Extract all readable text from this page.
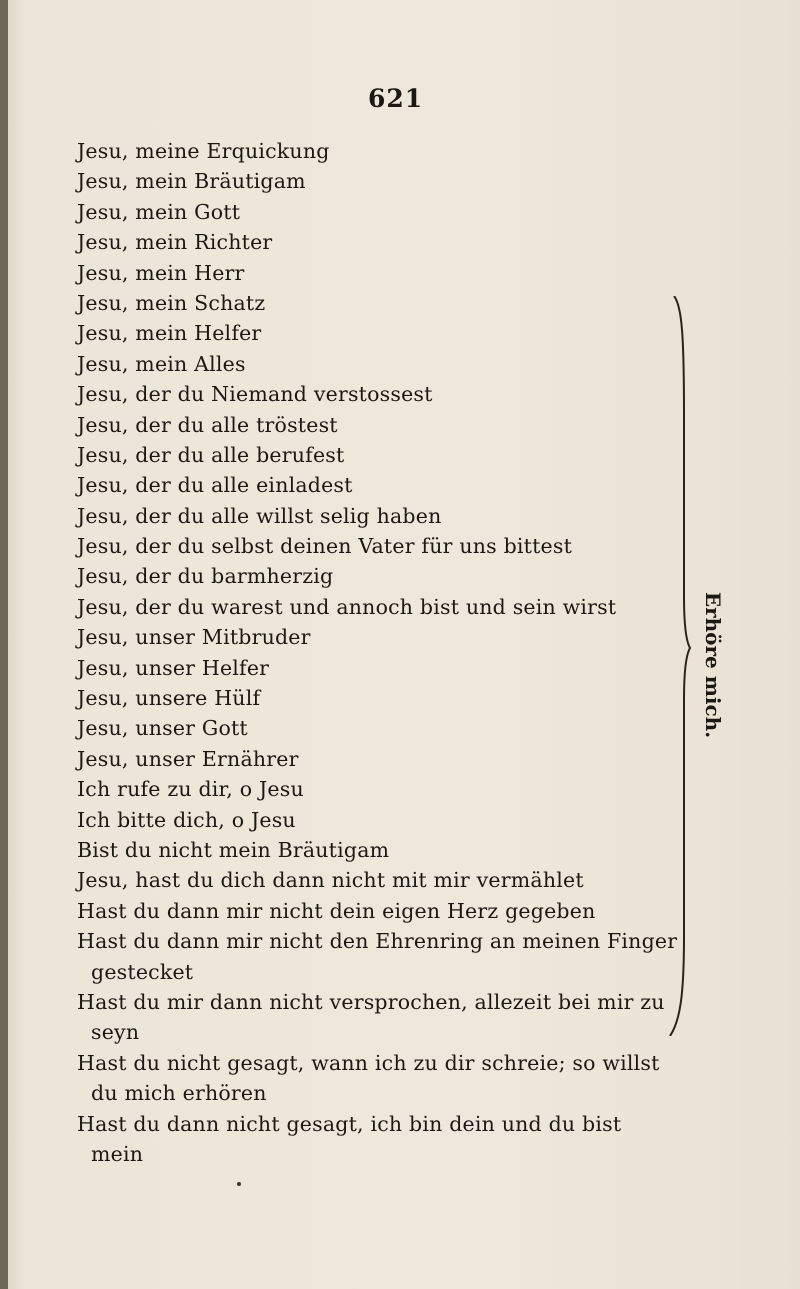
621
Jesu, meine Erquickung
Jesu, mein Bräutigam
Jesu, mein Gott
Jesu, mein Richter
Jesu, mein Herr
Jesu, mein Schatz
Jesu, mein Helfer
Jesu, mein Alles
Jesu, der du Niemand verstossest
Jesu, der du alle tröstest
Jesu, der du alle berufest
Jesu, der du alle einladest
Jesu, der du alle willst selig haben
Jesu, der du selbst deinen Vater für uns bittest
Jesu, der du barmherzig
Jesu, der du warest und annoch bist und sein wirst
Jesu, unser Mitbruder
Jesu, unser Helfer
Jesu, unsere Hülf
Jesu, unser Gott
Jesu, unser Ernährer
Ich rufe zu dir, o Jesu
Ich bitte dich, o Jesu
Bist du nicht mein Bräutigam
Jesu, hast du dich dann nicht mit mir vermählet
Hast du dann mir nicht dein eigen Herz gegeben
Hast du dann mir nicht den Ehrenring an meinen Finger
gestecket
Hast du mir dann nicht versprochen, allezeit bei mir zu
seyn
Hast du nicht gesagt, wann ich zu dir schreie; so willst
du mich erhören
Hast du dann nicht gesagt, ich bin dein und du bist
mein
Erhöre mich.
